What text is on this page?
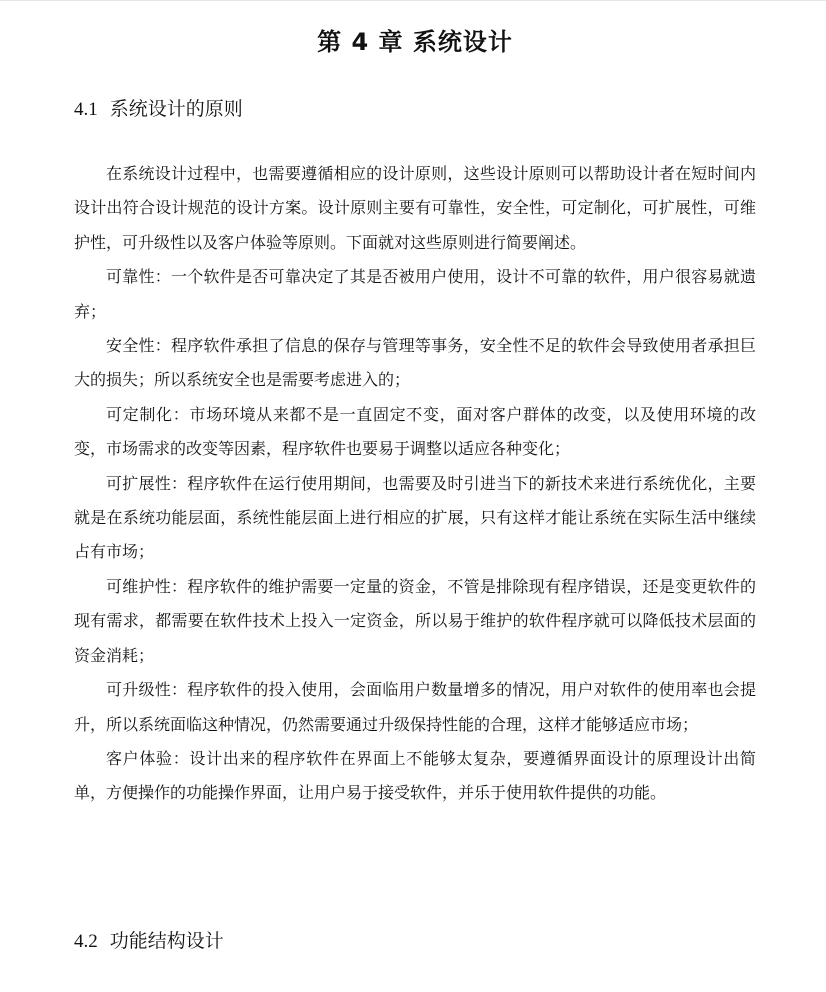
第 4 章 系统设计
4.1 系统设计的原则

在系统设计过程中，也需要遵循相应的设计原则，这些设计原则可以帮助设计者在短时间内设计出符合设计规范的设计方案。设计原则主要有可靠性，安全性，可定制化，可扩展性，可维护性，可升级性以及客户体验等原则。下面就对这些原则进行简要阐述。

可靠性：一个软件是否可靠决定了其是否被用户使用，设计不可靠的软件，用户很容易就遗弃；

安全性：程序软件承担了信息的保存与管理等事务，安全性不足的软件会导致使用者承担巨大的损失；所以系统安全也是需要考虑进入的；

可定制化：市场环境从来都不是一直固定不变，面对客户群体的改变，以及使用环境的改变，市场需求的改变等因素，程序软件也要易于调整以适应各种变化；

可扩展性：程序软件在运行使用期间，也需要及时引进当下的新技术来进行系统优化，主要就是在系统功能层面，系统性能层面上进行相应的扩展，只有这样才能让系统在实际生活中继续占有市场；

可维护性：程序软件的维护需要一定量的资金，不管是排除现有程序错误，还是变更软件的现有需求，都需要在软件技术上投入一定资金，所以易于维护的软件程序就可以降低技术层面的资金消耗；

可升级性：程序软件的投入使用，会面临用户数量增多的情况，用户对软件的使用率也会提升，所以系统面临这种情况，仍然需要通过升级保持性能的合理，这样才能够适应市场；

客户体验：设计出来的程序软件在界面上不能够太复杂，要遵循界面设计的原理设计出简单，方便操作的功能操作界面，让用户易于接受软件，并乐于使用软件提供的功能。

4.2 功能结构设计
